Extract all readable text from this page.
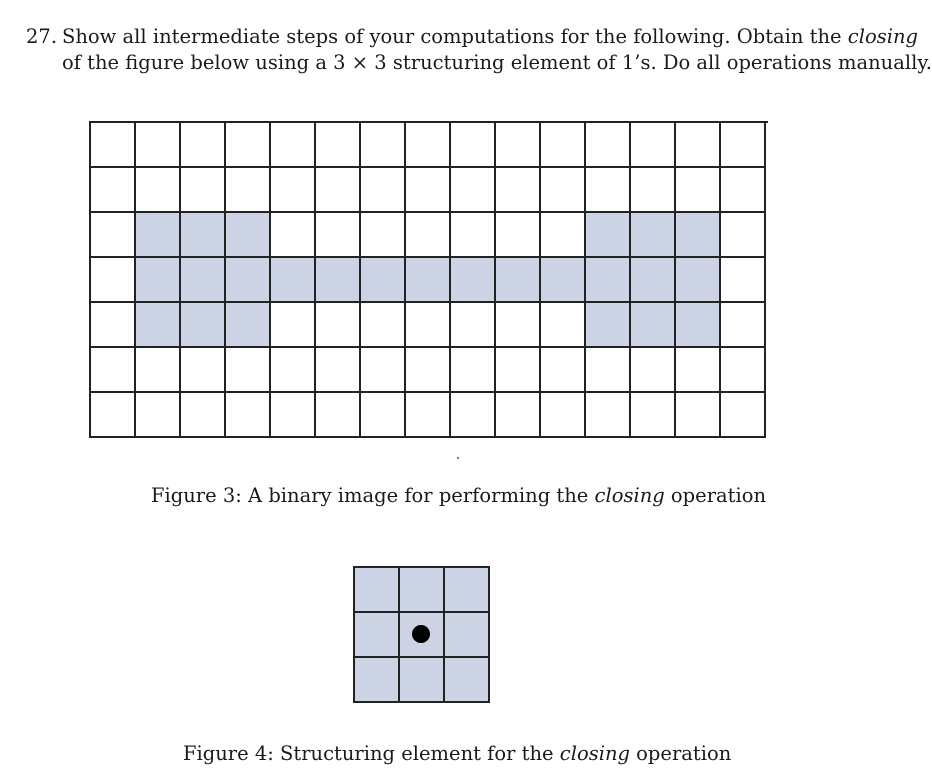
27. Show all intermediate steps of your computations for the following. Obtain the closing
of the figure below using a 3 × 3 structuring element of 1’s. Do all operations manually.
Figure 3: A binary image for performing the closing operation
Figure 4: Structuring element for the closing operation
